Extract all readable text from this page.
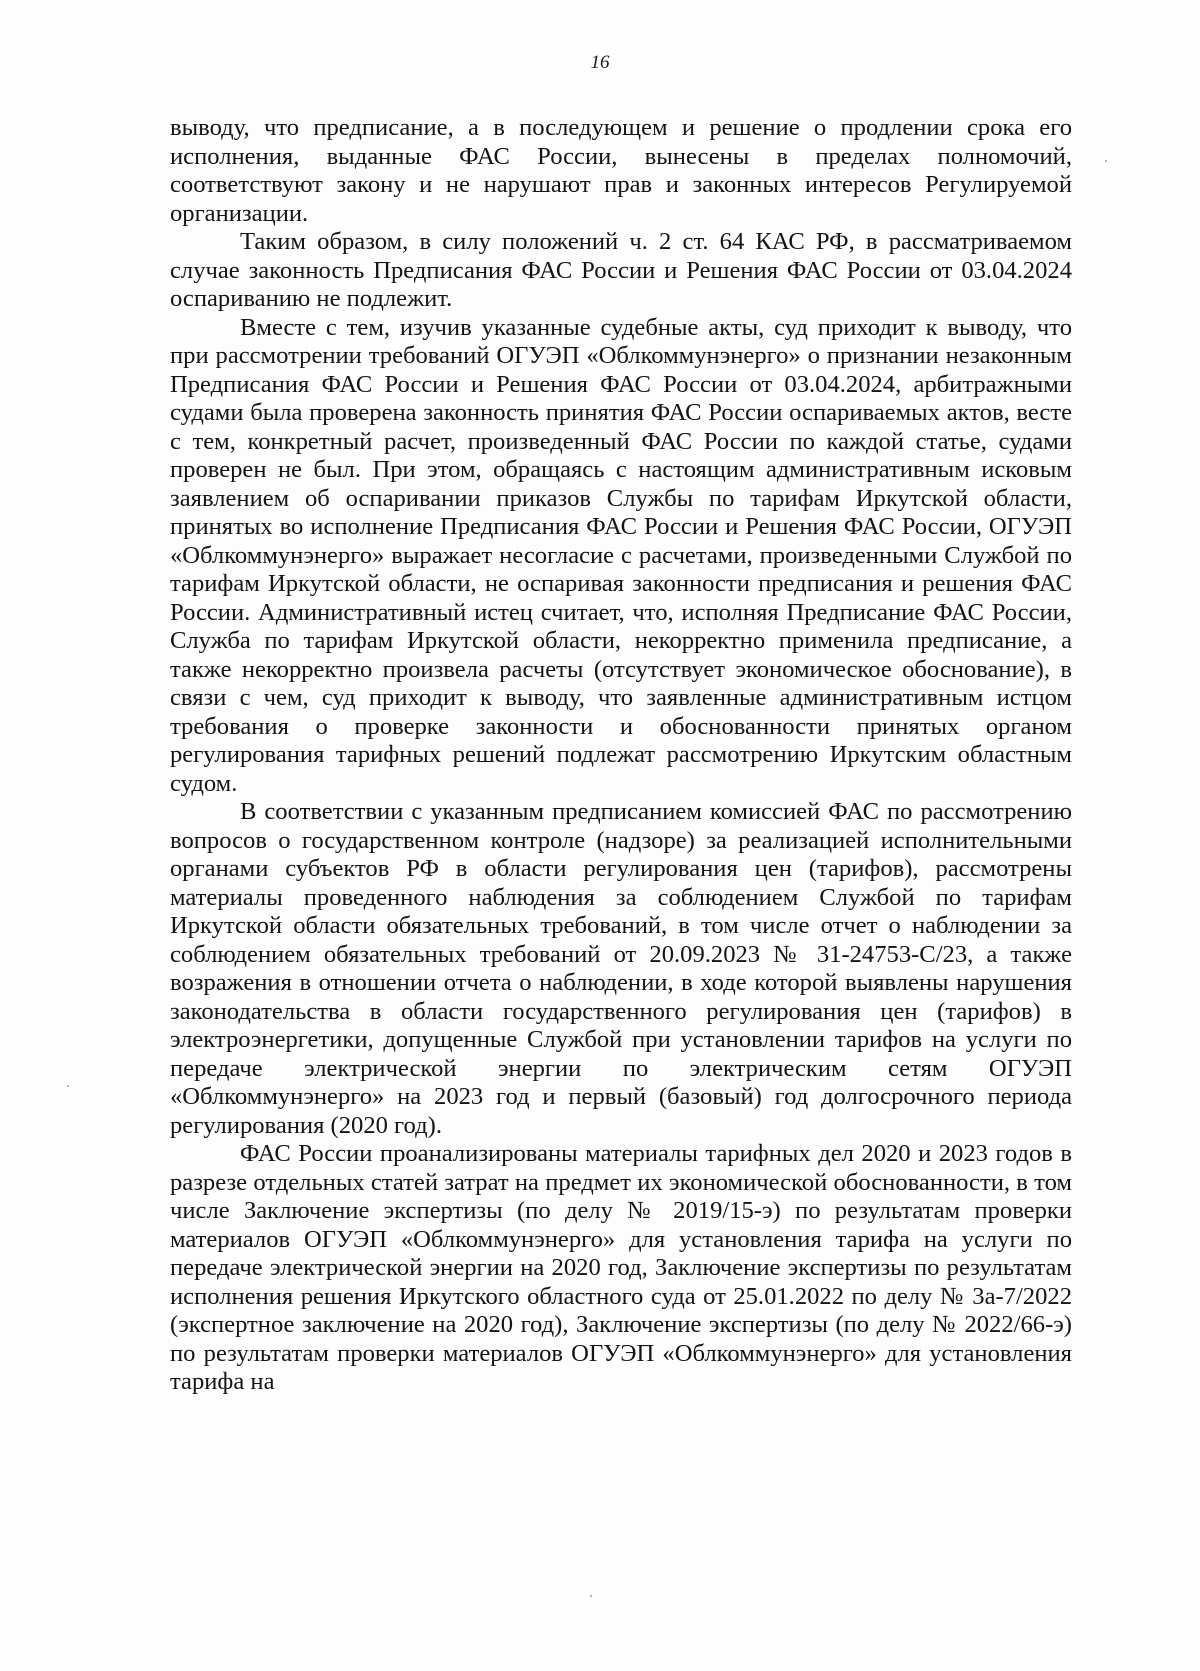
16

выводу, что предписание, а в последующем и решение о продлении срока его исполнения, выданные ФАС России, вынесены в пределах полномочий, соответствуют закону и не нарушают прав и законных интересов Регулируемой организации.

Таким образом, в силу положений ч. 2 ст. 64 КАС РФ, в рассматриваемом случае законность Предписания ФАС России и Решения ФАС России от 03.04.2024 оспариванию не подлежит.

Вместе с тем, изучив указанные судебные акты, суд приходит к выводу, что при рассмотрении требований ОГУЭП «Облкоммунэнерго» о признании незаконным Предписания ФАС России и Решения ФАС России от 03.04.2024, арбитражными судами была проверена законность принятия ФАС России оспариваемых актов, весте с тем, конкретный расчет, произведенный ФАС России по каждой статье, судами проверен не был. При этом, обращаясь с настоящим административным исковым заявлением об оспаривании приказов Службы по тарифам Иркутской области, принятых во исполнение Предписания ФАС России и Решения ФАС России, ОГУЭП «Облкоммунэнерго» выражает несогласие с расчетами, произведенными Службой по тарифам Иркутской области, не оспаривая законности предписания и решения ФАС России. Административный истец считает, что, исполняя Предписание ФАС России, Служба по тарифам Иркутской области, некорректно применила предписание, а также некорректно произвела расчеты (отсутствует экономическое обоснование), в связи с чем, суд приходит к выводу, что заявленные административным истцом требования о проверке законности и обоснованности принятых органом регулирования тарифных решений подлежат рассмотрению Иркутским областным судом.

В соответствии с указанным предписанием комиссией ФАС по рассмотрению вопросов о государственном контроле (надзоре) за реализацией исполнительными органами субъектов РФ в области регулирования цен (тарифов), рассмотрены материалы проведенного наблюдения за соблюдением Службой по тарифам Иркутской области обязательных требований, в том числе отчет о наблюдении за соблюдением обязательных требований от 20.09.2023 № 31-24753-С/23, а также возражения в отношении отчета о наблюдении, в ходе которой выявлены нарушения законодательства в области государственного регулирования цен (тарифов) в электроэнергетики, допущенные Службой при установлении тарифов на услуги по передаче электрической энергии по электрическим сетям ОГУЭП «Облкоммунэнерго» на 2023 год и первый (базовый) год долгосрочного периода регулирования (2020 год).

ФАС России проанализированы материалы тарифных дел 2020 и 2023 годов в разрезе отдельных статей затрат на предмет их экономической обоснованности, в том числе Заключение экспертизы (по делу № 2019/15-э) по результатам проверки материалов ОГУЭП «Облкоммунэнерго» для установления тарифа на услуги по передаче электрической энергии на 2020 год, Заключение экспертизы по результатам исполнения решения Иркутского областного суда от 25.01.2022 по делу № 3а-7/2022 (экспертное заключение на 2020 год), Заключение экспертизы (по делу № 2022/66-э) по результатам проверки материалов ОГУЭП «Облкоммунэнерго» для установления тарифа на
